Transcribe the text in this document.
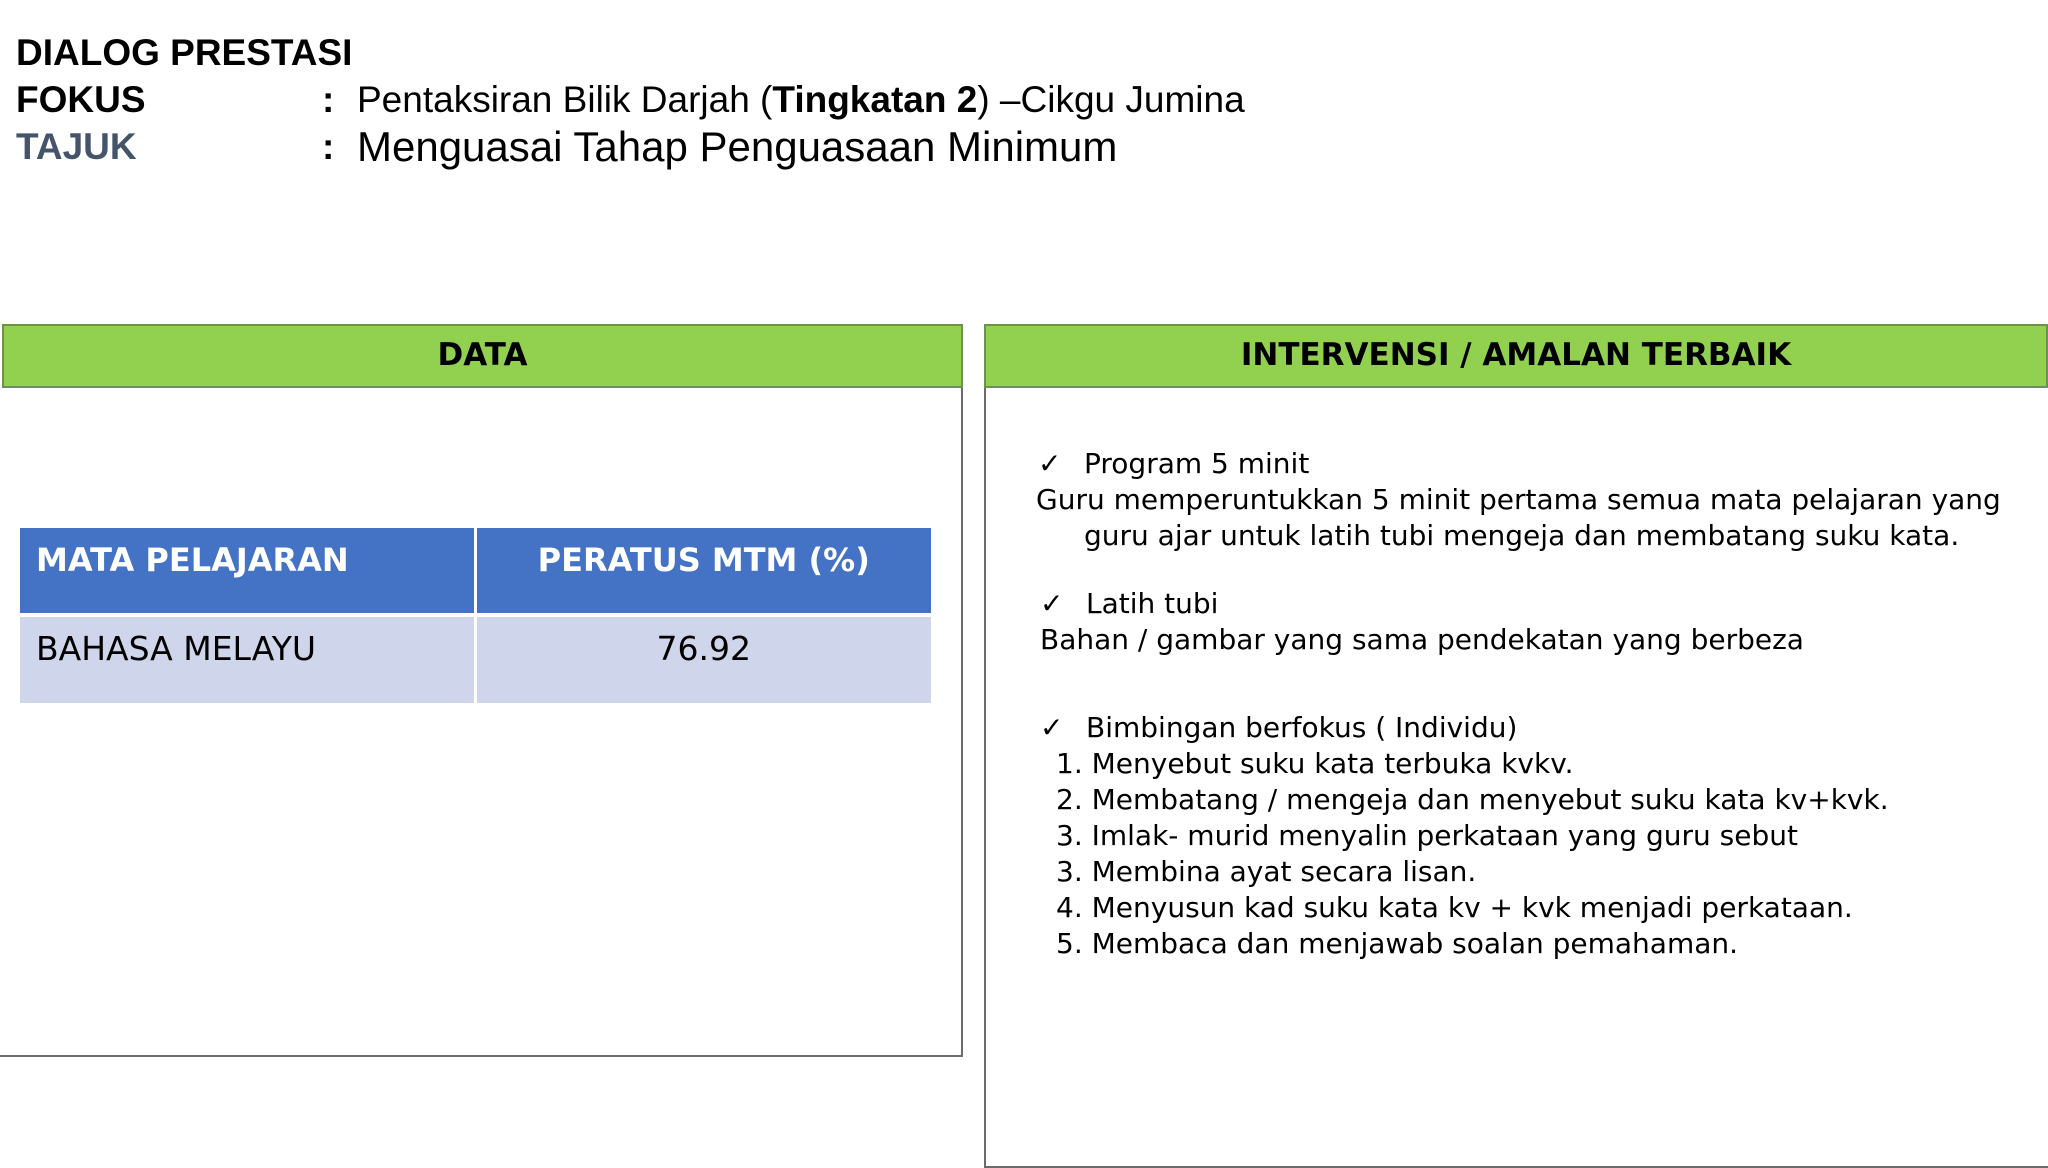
DIALOG PRESTASI
FOKUS	: Pentaksiran Bilik Darjah (Tingkatan 2) –Cikgu Jumina
TAJUK	: Menguasai Tahap Penguasaan Minimum
DATA
MATA PELAJARAN	PERATUS MTM (%)
BAHASA MELAYU	76.92
INTERVENSI / AMALAN TERBAIK
✓ Program 5 minit
Guru memperuntukkan 5 minit pertama semua mata pelajaran yang
guru ajar untuk latih tubi mengeja dan membatang suku kata.
✓ Latih tubi
Bahan / gambar yang sama pendekatan yang berbeza
✓ Bimbingan berfokus ( Individu)
1. Menyebut suku kata terbuka kvkv.
2. Membatang / mengeja dan menyebut suku kata kv+kvk.
3. Imlak- murid menyalin perkataan yang guru sebut
3. Membina ayat secara lisan.
4. Menyusun kad suku kata kv + kvk menjadi perkataan.
5. Membaca dan menjawab soalan pemahaman.
